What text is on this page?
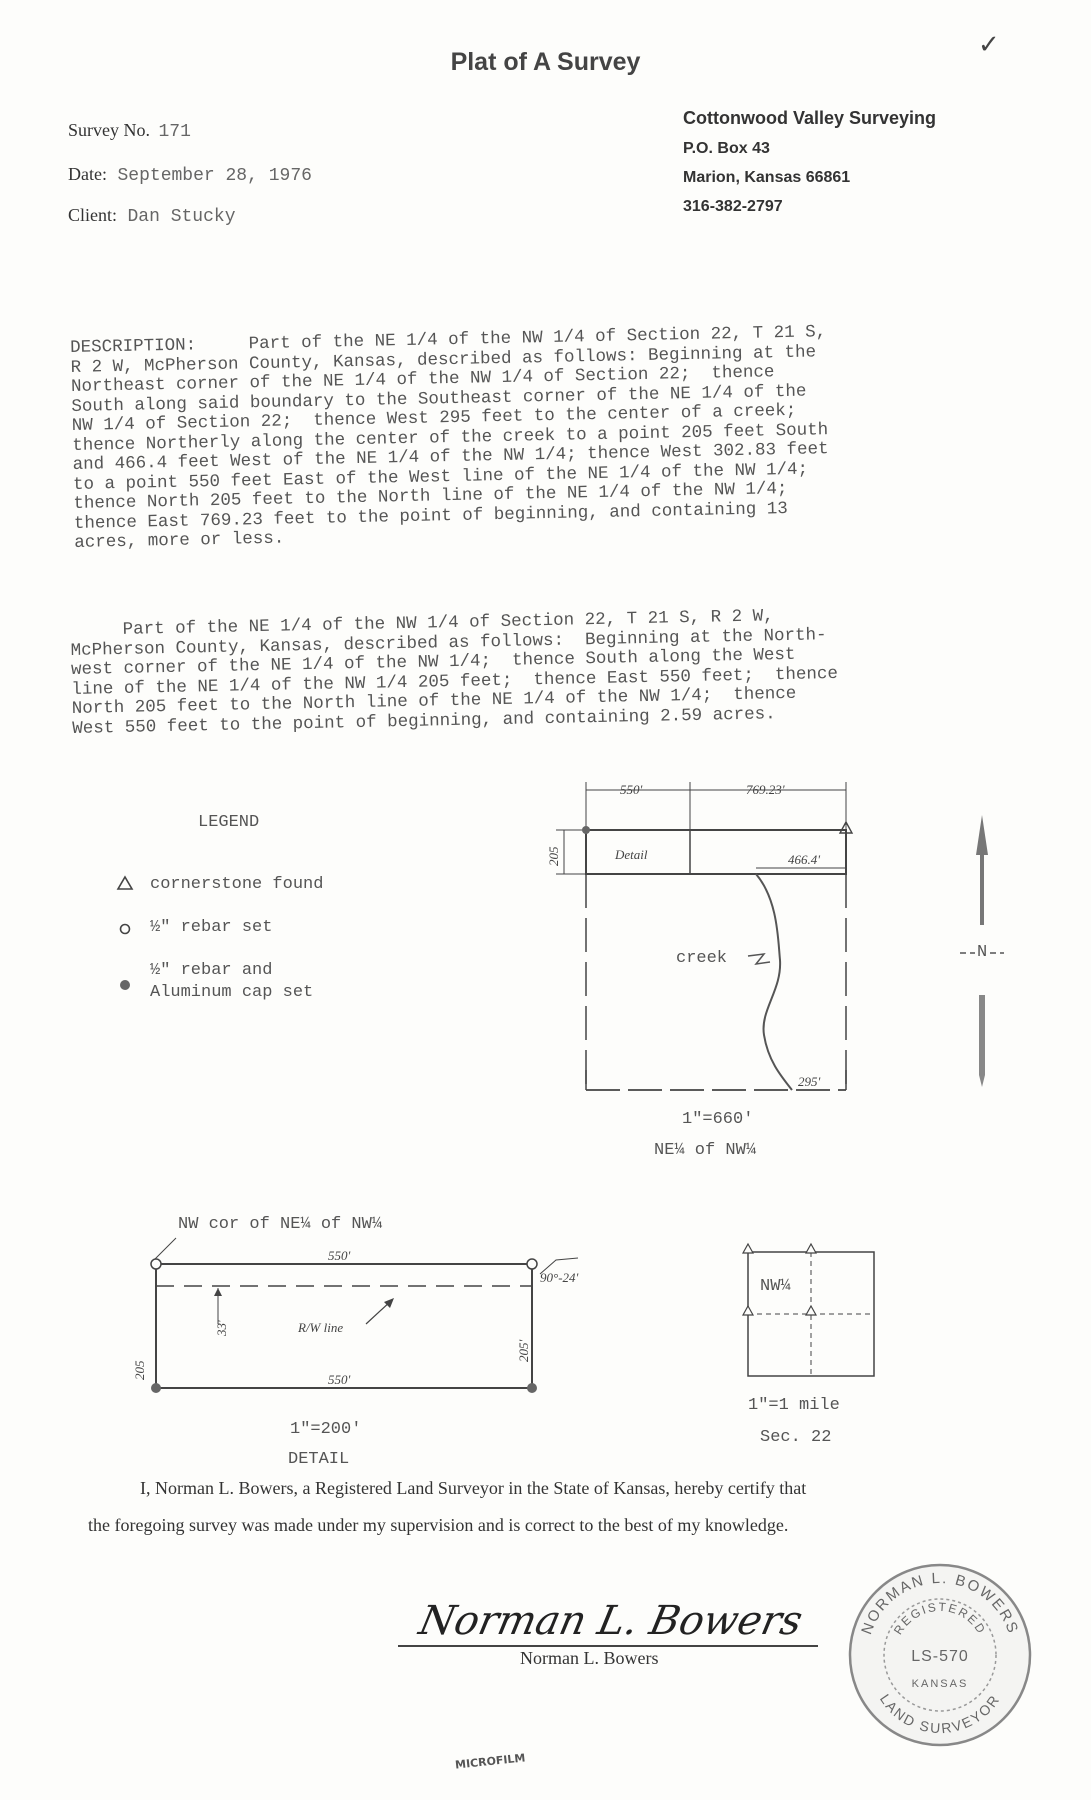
Plat of A Survey
✓
Survey No. 171
Date: September 28, 1976
Client: Dan Stucky
Cottonwood Valley Surveying
P.O. Box 43
Marion, Kansas 66861
316-382-2797
DESCRIPTION:     Part of the NE 1/4 of the NW 1/4 of Section 22, T 21 S,
R 2 W, McPherson County, Kansas, described as follows: Beginning at the
Northeast corner of the NE 1/4 of the NW 1/4 of Section 22;  thence
South along said boundary to the Southeast corner of the NE 1/4 of the
NW 1/4 of Section 22;  thence West 295 feet to the center of a creek;
thence Northerly along the center of the creek to a point 205 feet South
and 466.4 feet West of the NE 1/4 of the NW 1/4; thence West 302.83 feet
to a point 550 feet East of the West line of the NE 1/4 of the NW 1/4;
thence North 205 feet to the North line of the NE 1/4 of the NW 1/4;
thence East 769.23 feet to the point of beginning, and containing 13
acres, more or less.
Part of the NE 1/4 of the NW 1/4 of Section 22, T 21 S, R 2 W,
McPherson County, Kansas, described as follows:  Beginning at the North-
west corner of the NE 1/4 of the NW 1/4;  thence South along the West
line of the NE 1/4 of the NW 1/4 205 feet;  thence East 550 feet;  thence
North 205 feet to the North line of the NE 1/4 of the NW 1/4;  thence
West 550 feet to the point of beginning, and containing 2.59 acres.
LEGEND
cornerstone found
½" rebar set
½" rebar and
Aluminum cap set
550'	769.23'
Detail
205	466.4'
creek
295'
1"=660'
NE¼ of NW¼
N
NW cor of NE¼ of NW¼
550'
550'
33'	R/W line
205
205'
90°-24'
1"=200'
DETAIL
NW¼
1"=1 mile
Sec. 22
I, Norman L. Bowers, a Registered Land Surveyor in the State of Kansas, hereby certify that
the foregoing survey was made under my supervision and is correct to the best of my knowledge.
Norman L. Bowers
Norman L. Bowers
NORMAN L. BOWERS
REGISTERED
LS-570
KANSAS
LAND SURVEYOR
MICROFILM
